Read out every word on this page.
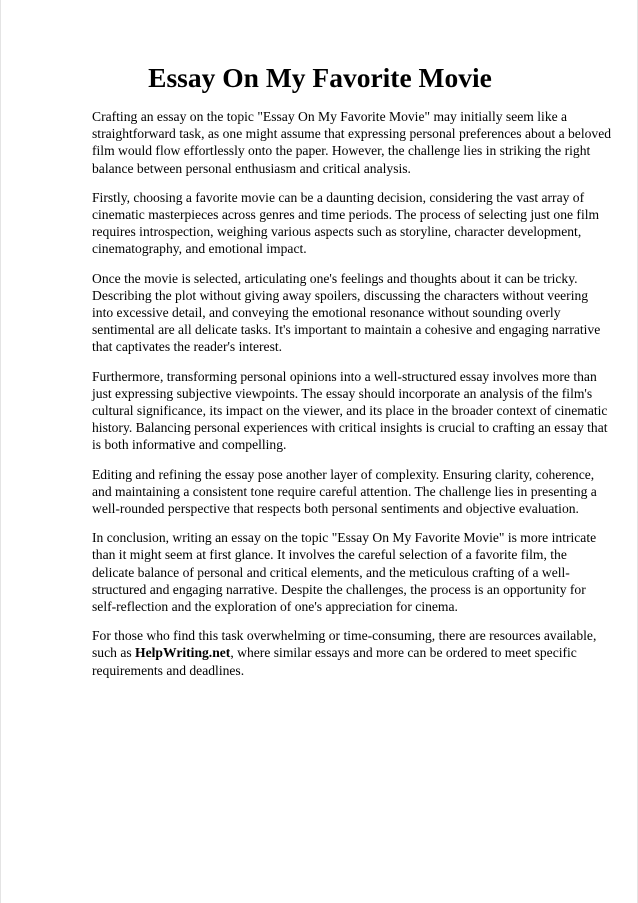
Essay On My Favorite Movie

Crafting an essay on the topic "Essay On My Favorite Movie" may initially seem like a straightforward task, as one might assume that expressing personal preferences about a beloved film would flow effortlessly onto the paper. However, the challenge lies in striking the right balance between personal enthusiasm and critical analysis.

Firstly, choosing a favorite movie can be a daunting decision, considering the vast array of cinematic masterpieces across genres and time periods. The process of selecting just one film requires introspection, weighing various aspects such as storyline, character development, cinematography, and emotional impact.

Once the movie is selected, articulating one's feelings and thoughts about it can be tricky. Describing the plot without giving away spoilers, discussing the characters without veering into excessive detail, and conveying the emotional resonance without sounding overly sentimental are all delicate tasks. It's important to maintain a cohesive and engaging narrative that captivates the reader's interest.

Furthermore, transforming personal opinions into a well-structured essay involves more than just expressing subjective viewpoints. The essay should incorporate an analysis of the film's cultural significance, its impact on the viewer, and its place in the broader context of cinematic history. Balancing personal experiences with critical insights is crucial to crafting an essay that is both informative and compelling.

Editing and refining the essay pose another layer of complexity. Ensuring clarity, coherence, and maintaining a consistent tone require careful attention. The challenge lies in presenting a well-rounded perspective that respects both personal sentiments and objective evaluation.

In conclusion, writing an essay on the topic "Essay On My Favorite Movie" is more intricate than it might seem at first glance. It involves the careful selection of a favorite film, the delicate balance of personal and critical elements, and the meticulous crafting of a well-structured and engaging narrative. Despite the challenges, the process is an opportunity for self-reflection and the exploration of one's appreciation for cinema.

For those who find this task overwhelming or time-consuming, there are resources available, such as HelpWriting.net, where similar essays and more can be ordered to meet specific requirements and deadlines.
